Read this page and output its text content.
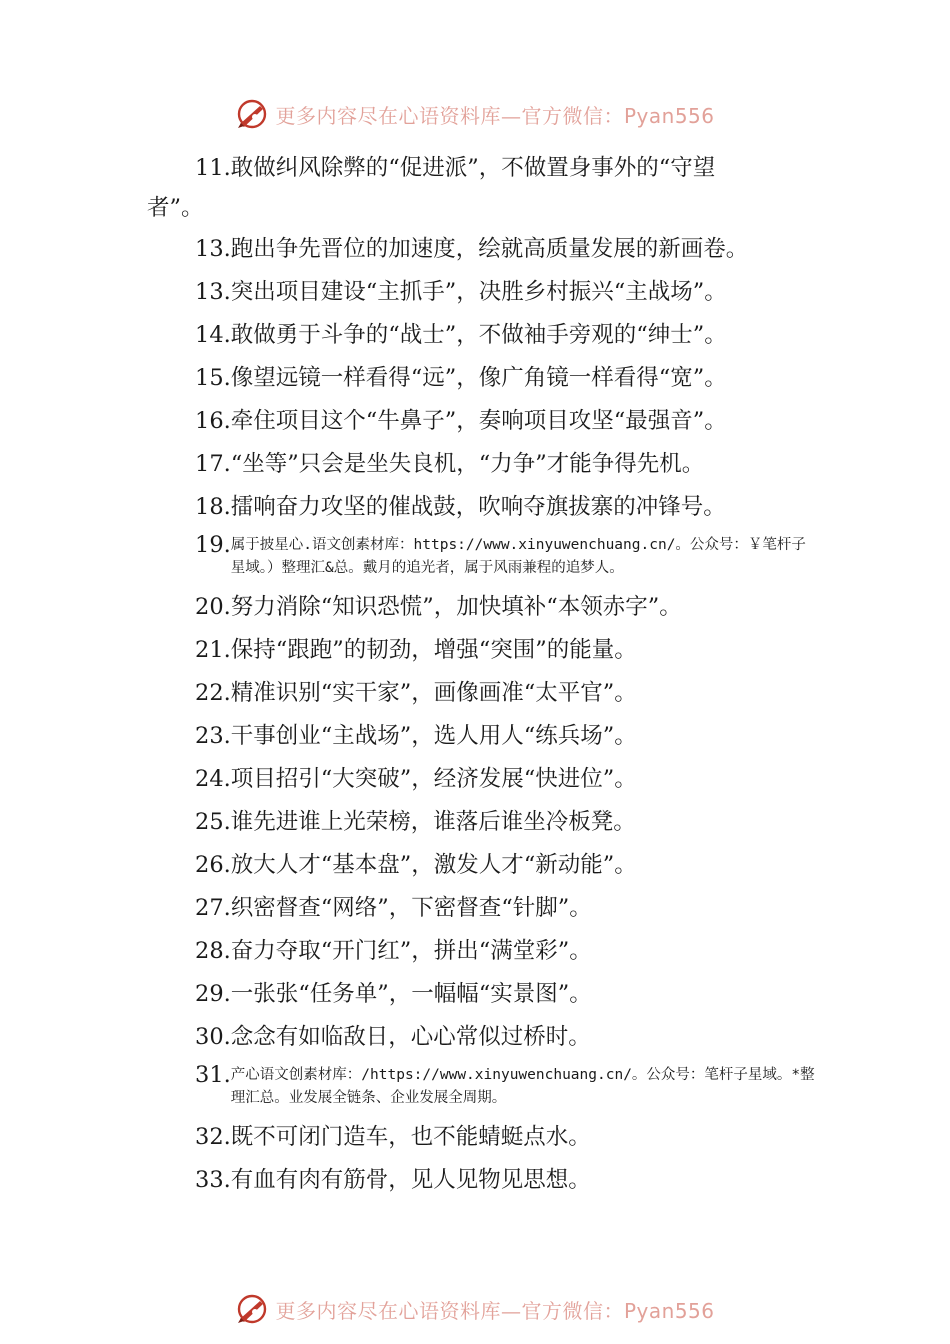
更多内容尽在心语资料库—官方微信：Pyan556
11.敢做纠风除弊的“促进派”，不做置身事外的“守望
者”。
13.跑出争先晋位的加速度，绘就高质量发展的新画卷。
13.突出项目建设“主抓手”，决胜乡村振兴“主战场”。
14.敢做勇于斗争的“战士”，不做袖手旁观的“绅士”。
15.像望远镜一样看得“远”，像广角镜一样看得“宽”。
16.牵住项目这个“牛鼻子”，奏响项目攻坚“最强音”。
17.“坐等”只会是坐失良机，“力争”才能争得先机。
18.擂响奋力攻坚的催战鼓，吹响夺旗拔寨的冲锋号。
19. 属于披星心.语文创素材库：https://www.xinyuwenchuang.cn/。公众号：￥笔杆子星域。）整理汇&总。戴月的追光者，属于风雨兼程的追梦人。
20.努力消除“知识恐慌”，加快填补“本领赤字”。
21.保持“跟跑”的韧劲，增强“突围”的能量。
22.精准识别“实干家”，画像画准“太平官”。
23.干事创业“主战场”，选人用人“练兵场”。
24.项目招引“大突破”，经济发展“快进位”。
25.谁先进谁上光荣榜，谁落后谁坐冷板凳。
26.放大人才“基本盘”，激发人才“新动能”。
27.织密督查“网络”，下密督查“针脚”。
28.奋力夺取“开门红”，拼出“满堂彩”。
29.一张张“任务单”，一幅幅“实景图”。
30.念念有如临敌日，心心常似过桥时。
31. 产心语文创素材库：/https://www.xinyuwenchuang.cn/。公众号：笔杆子星域。*整理汇总。业发展全链条、企业发展全周期。
32.既不可闭门造车，也不能蜻蜓点水。
33.有血有肉有筋骨，见人见物见思想。
更多内容尽在心语资料库—官方微信：Pyan556
